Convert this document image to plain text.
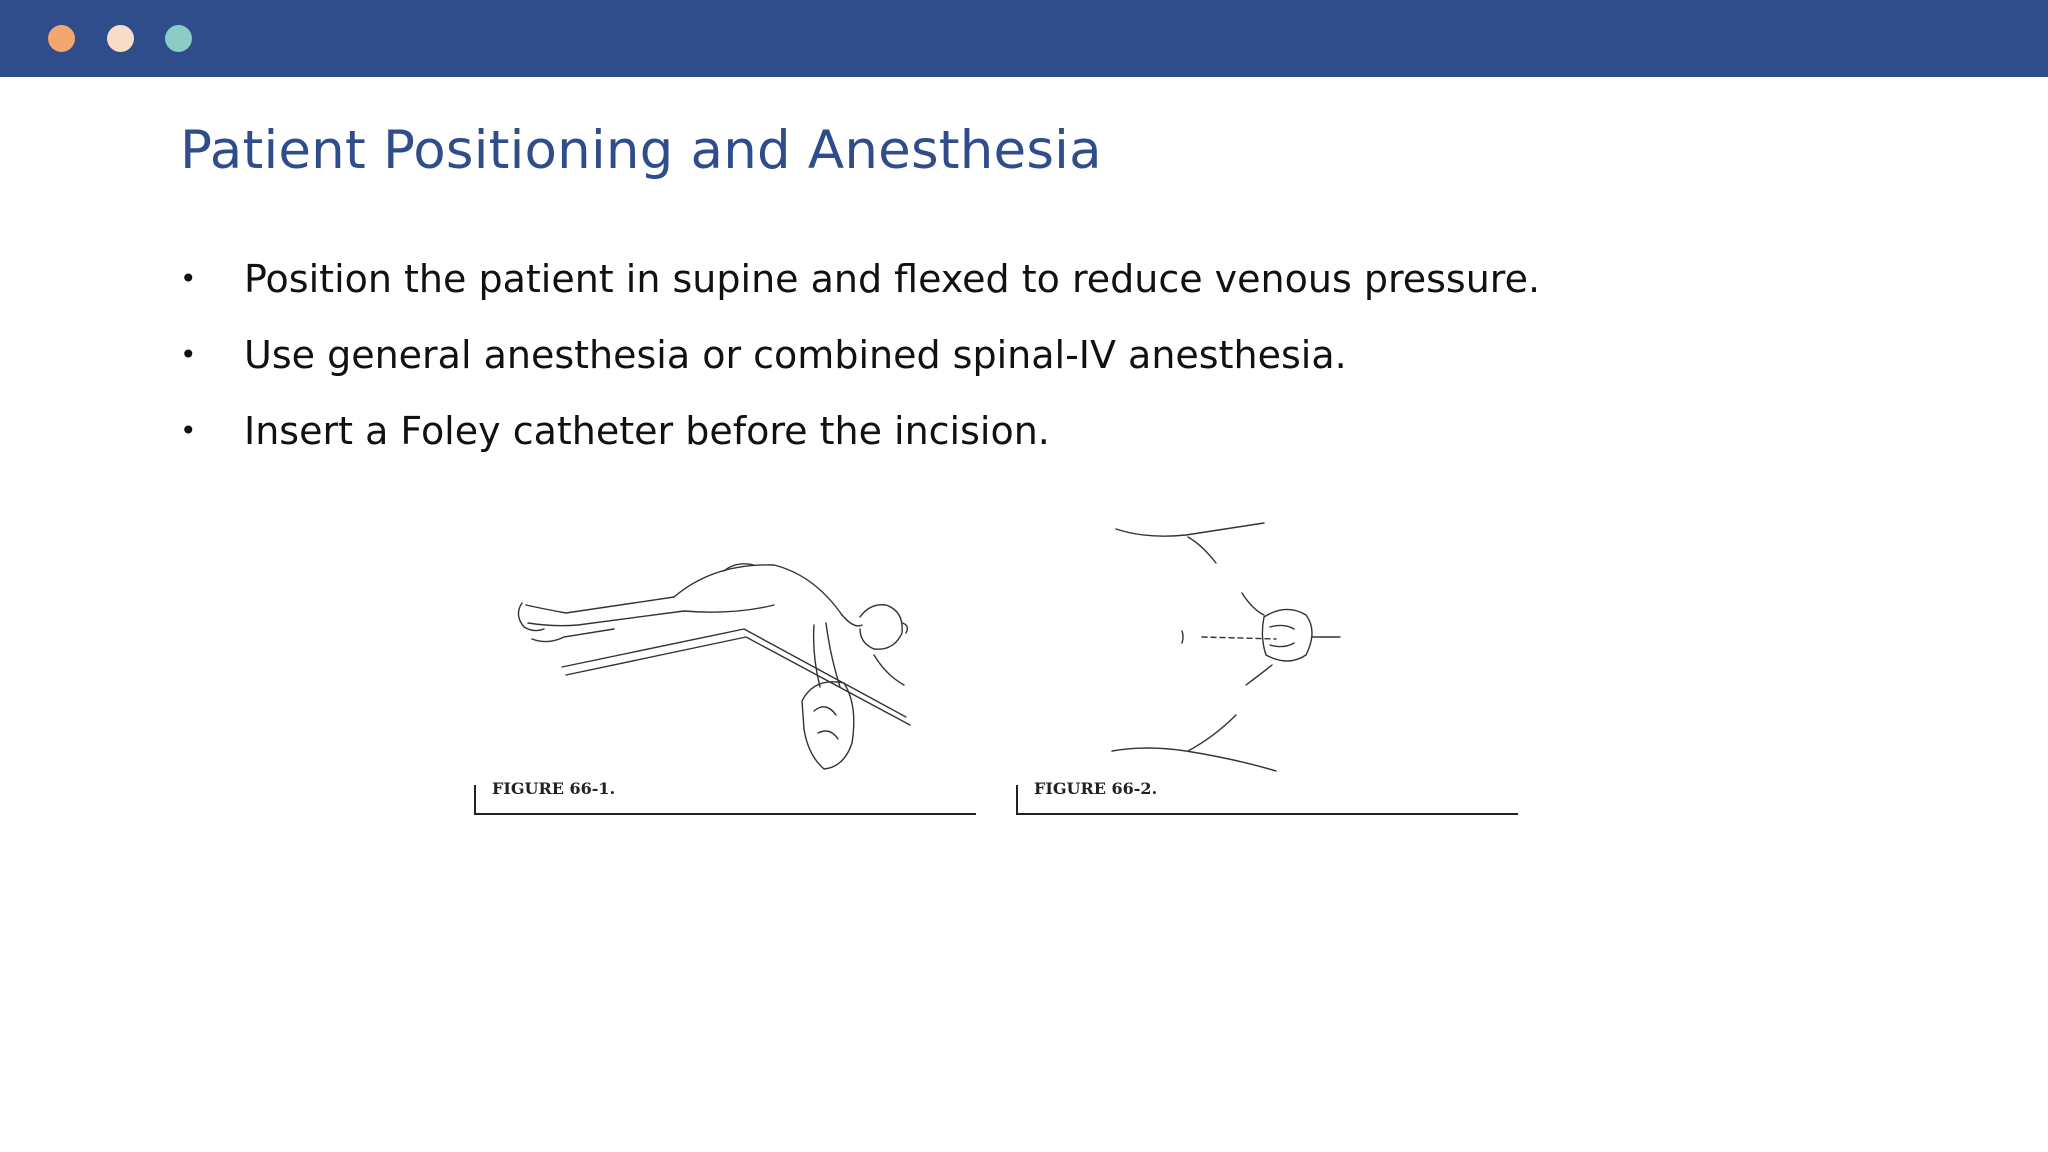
Patient Positioning and Anesthesia
• Position the patient in supine and flexed to reduce venous pressure.
• Use general anesthesia or combined spinal-IV anesthesia.
• Insert a Foley catheter before the incision.
FIGURE 66-1.	FIGURE 66-2.
